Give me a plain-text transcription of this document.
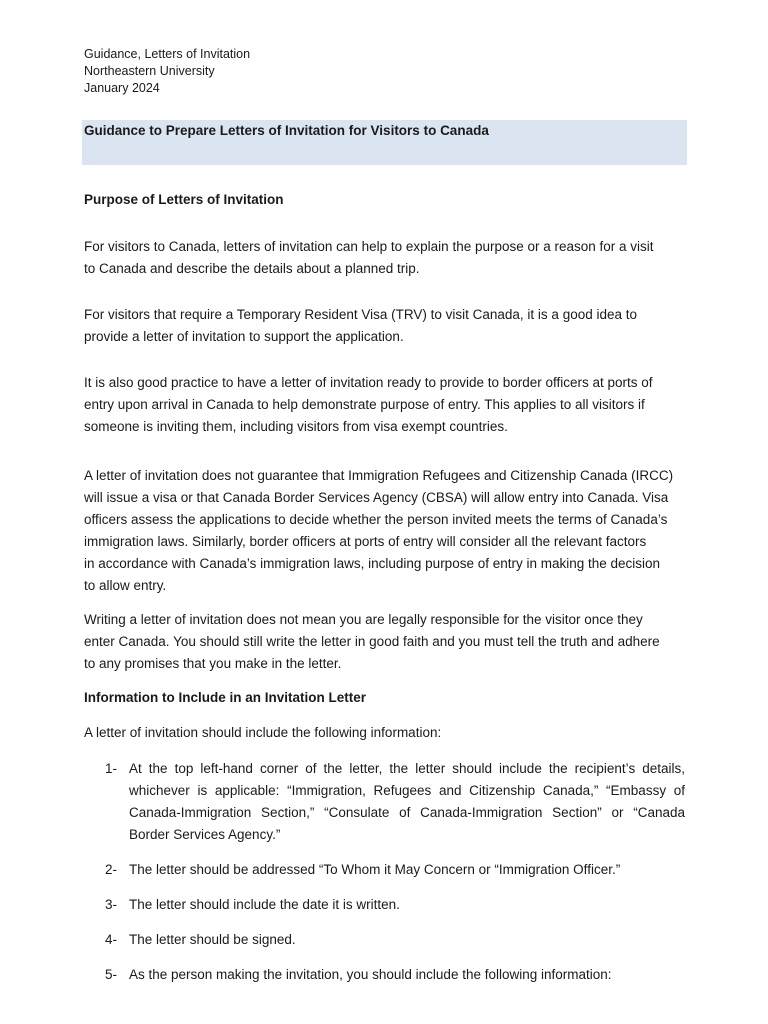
Guidance, Letters of Invitation
Northeastern University
January 2024
Guidance to Prepare Letters of Invitation for Visitors to Canada
Purpose of Letters of Invitation
For visitors to Canada, letters of invitation can help to explain the purpose or a reason for a visit
to Canada and describe the details about a planned trip.
For visitors that require a Temporary Resident Visa (TRV) to visit Canada, it is a good idea to
provide a letter of invitation to support the application.
It is also good practice to have a letter of invitation ready to provide to border officers at ports of
entry upon arrival in Canada to help demonstrate purpose of entry. This applies to all visitors if
someone is inviting them, including visitors from visa exempt countries.
A letter of invitation does not guarantee that Immigration Refugees and Citizenship Canada (IRCC)
will issue a visa or that Canada Border Services Agency (CBSA) will allow entry into Canada. Visa
officers assess the applications to decide whether the person invited meets the terms of Canada’s
immigration laws. Similarly, border officers at ports of entry will consider all the relevant factors
in accordance with Canada’s immigration laws, including purpose of entry in making the decision
to allow entry.
Writing a letter of invitation does not mean you are legally responsible for the visitor once they
enter Canada. You should still write the letter in good faith and you must tell the truth and adhere
to any promises that you make in the letter.
Information to Include in an Invitation Letter
A letter of invitation should include the following information:
1- At the top left-hand corner of the letter, the letter should include the recipient’s details,
whichever is applicable: “Immigration, Refugees and Citizenship Canada,” “Embassy of
Canada-Immigration Section,” “Consulate of Canada-Immigration Section” or “Canada
Border Services Agency.”
2- The letter should be addressed “To Whom it May Concern or “Immigration Officer.”
3- The letter should include the date it is written.
4- The letter should be signed.
5- As the person making the invitation, you should include the following information:
